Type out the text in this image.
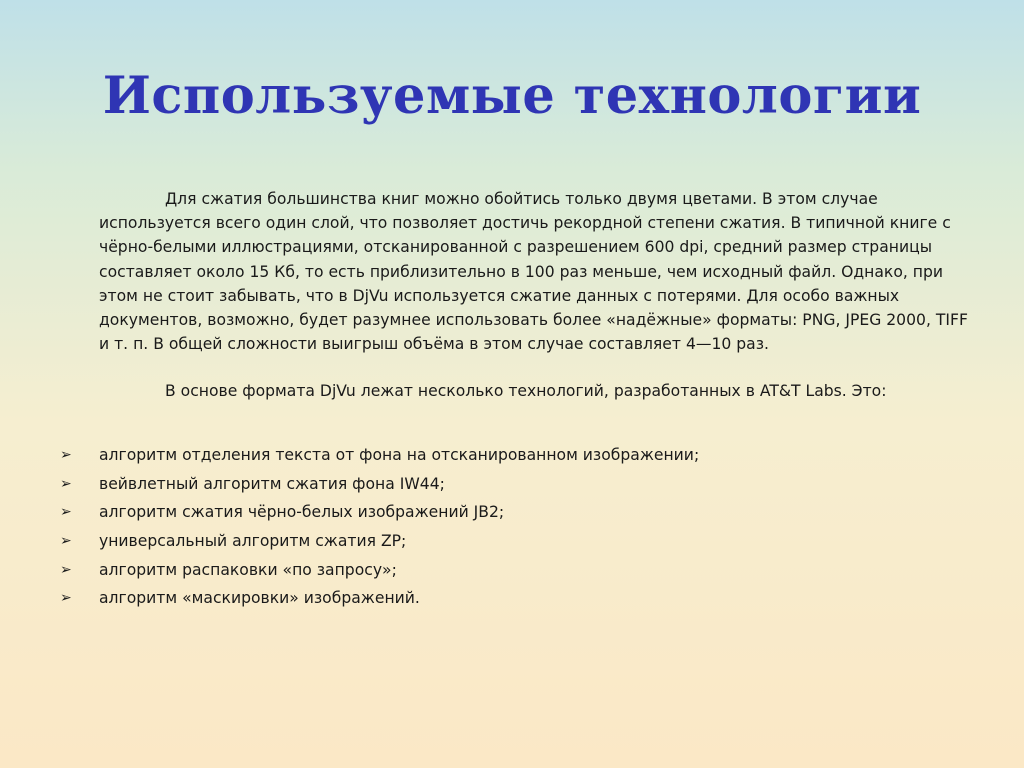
Используемые технологии

Для сжатия большинства книг можно обойтись только двумя цветами. В этом случае используется всего один слой, что позволяет достичь рекордной степени сжатия. В типичной книге с чёрно-белыми иллюстрациями, отсканированной с разрешением 600 dpi, средний размер страницы составляет около 15 Кб, то есть приблизительно в 100 раз меньше, чем исходный файл. Однако, при этом не стоит забывать, что в DjVu используется сжатие данных с потерями. Для особо важных документов, возможно, будет разумнее использовать более «надёжные» форматы: PNG, JPEG 2000, TIFF и т. п. В общей сложности выигрыш объёма в этом случае составляет 4—10 раз.

В основе формата DjVu лежат несколько технологий, разработанных в AT&T Labs. Это:

➢ алгоритм отделения текста от фона на отсканированном изображении;
➢ вейвлетный алгоритм сжатия фона IW44;
➢ алгоритм сжатия чёрно-белых изображений JB2;
➢ универсальный алгоритм сжатия ZP;
➢ алгоритм распаковки «по запросу»;
➢ алгоритм «маскировки» изображений.
